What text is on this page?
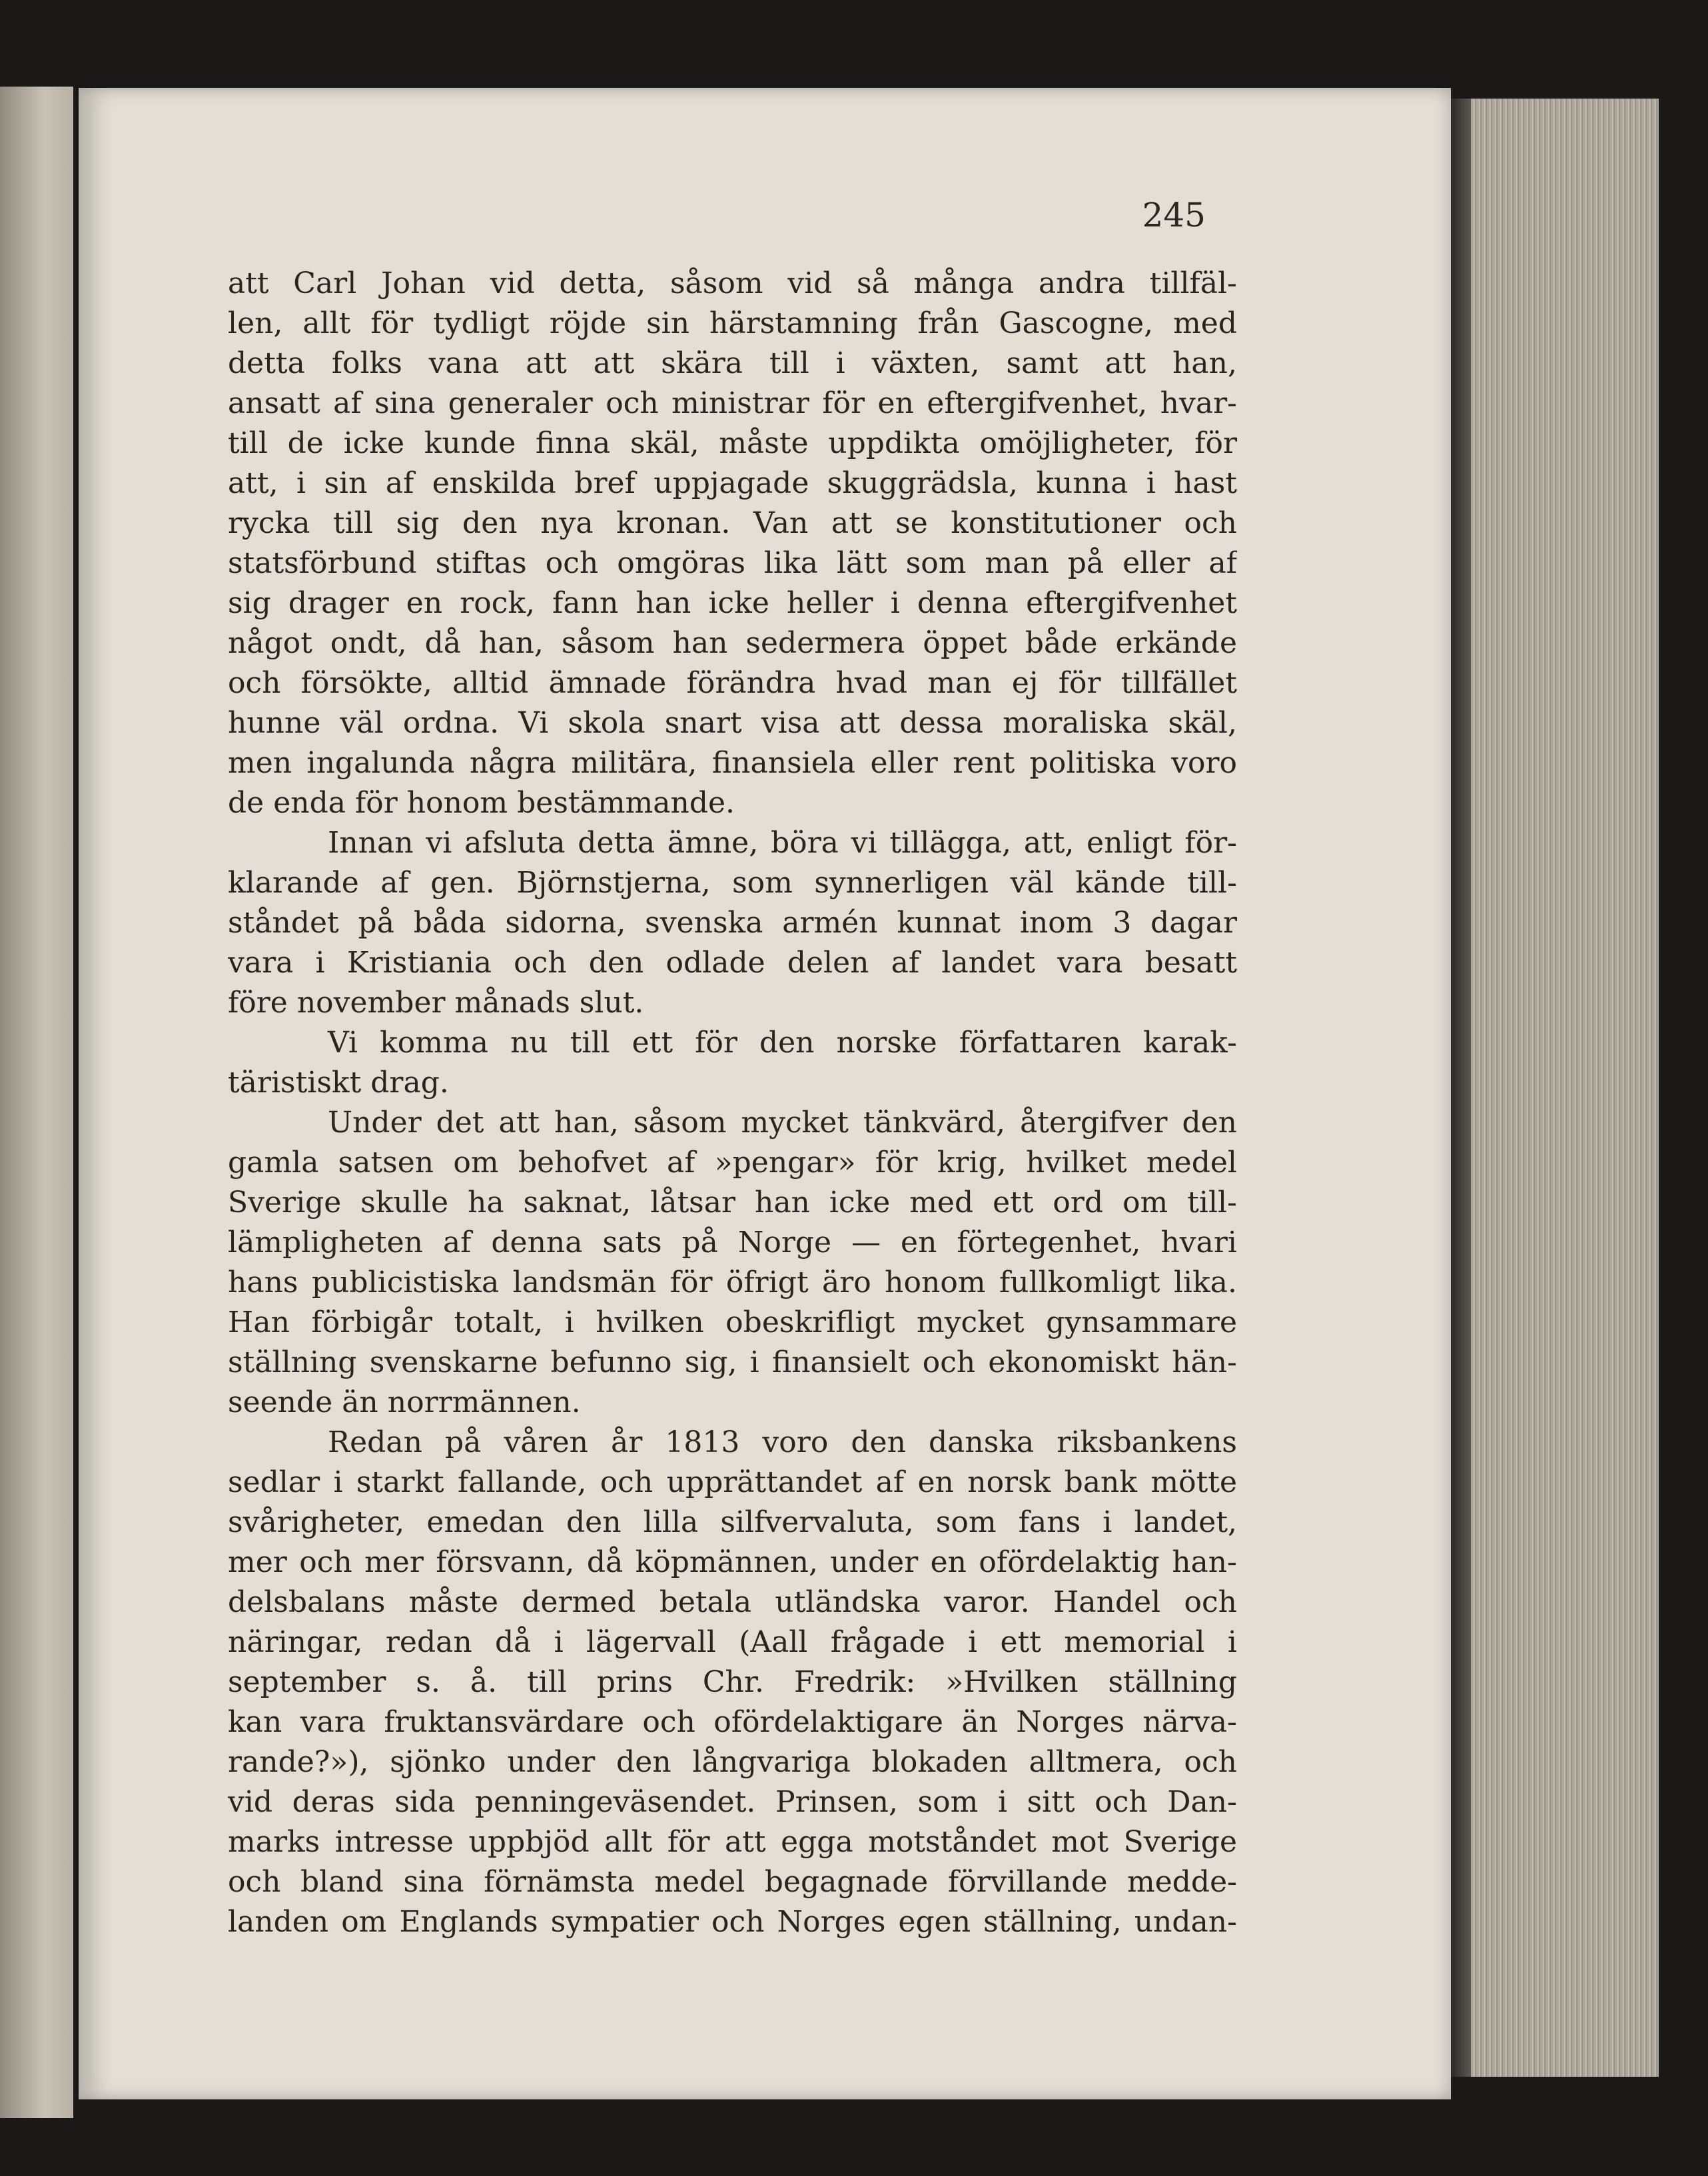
245
att Carl Johan vid detta, såsom vid så många andra tillfäl-
len, allt för tydligt röjde sin härstamning från Gascogne, med
detta folks vana att att skära till i växten, samt att han,
ansatt af sina generaler och ministrar för en eftergifvenhet, hvar-
till de icke kunde finna skäl, måste uppdikta omöjligheter, för
att, i sin af enskilda bref uppjagade skuggrädsla, kunna i hast
rycka till sig den nya kronan. Van att se konstitutioner och
statsförbund stiftas och omgöras lika lätt som man på eller af
sig drager en rock, fann han icke heller i denna eftergifvenhet
något ondt, då han, såsom han sedermera öppet både erkände
och försökte, alltid ämnade förändra hvad man ej för tillfället
hunne väl ordna. Vi skola snart visa att dessa moraliska skäl,
men ingalunda några militära, finansiela eller rent politiska voro
de enda för honom bestämmande.
Innan vi afsluta detta ämne, böra vi tillägga, att, enligt för-
klarande af gen. Björnstjerna, som synnerligen väl kände till-
ståndet på båda sidorna, svenska armén kunnat inom 3 dagar
vara i Kristiania och den odlade delen af landet vara besatt
före november månads slut.
Vi komma nu till ett för den norske författaren karak-
täristiskt drag.
Under det att han, såsom mycket tänkvärd, återgifver den
gamla satsen om behofvet af »pengar» för krig, hvilket medel
Sverige skulle ha saknat, låtsar han icke med ett ord om till-
lämpligheten af denna sats på Norge — en förtegenhet, hvari
hans publicistiska landsmän för öfrigt äro honom fullkomligt lika.
Han förbigår totalt, i hvilken obeskrifligt mycket gynsammare
ställning svenskarne befunno sig, i finansielt och ekonomiskt hän-
seende än norrmännen.
Redan på våren år 1813 voro den danska riksbankens
sedlar i starkt fallande, och upprättandet af en norsk bank mötte
svårigheter, emedan den lilla silfvervaluta, som fans i landet,
mer och mer försvann, då köpmännen, under en ofördelaktig han-
delsbalans måste dermed betala utländska varor. Handel och
näringar, redan då i lägervall (Aall frågade i ett memorial i
september s. å. till prins Chr. Fredrik: »Hvilken ställning
kan vara fruktansvärdare och ofördelaktigare än Norges närva-
rande?»), sjönko under den långvariga blokaden alltmera, och
vid deras sida penningeväsendet. Prinsen, som i sitt och Dan-
marks intresse uppbjöd allt för att egga motståndet mot Sverige
och bland sina förnämsta medel begagnade förvillande medde-
landen om Englands sympatier och Norges egen ställning, undan-
